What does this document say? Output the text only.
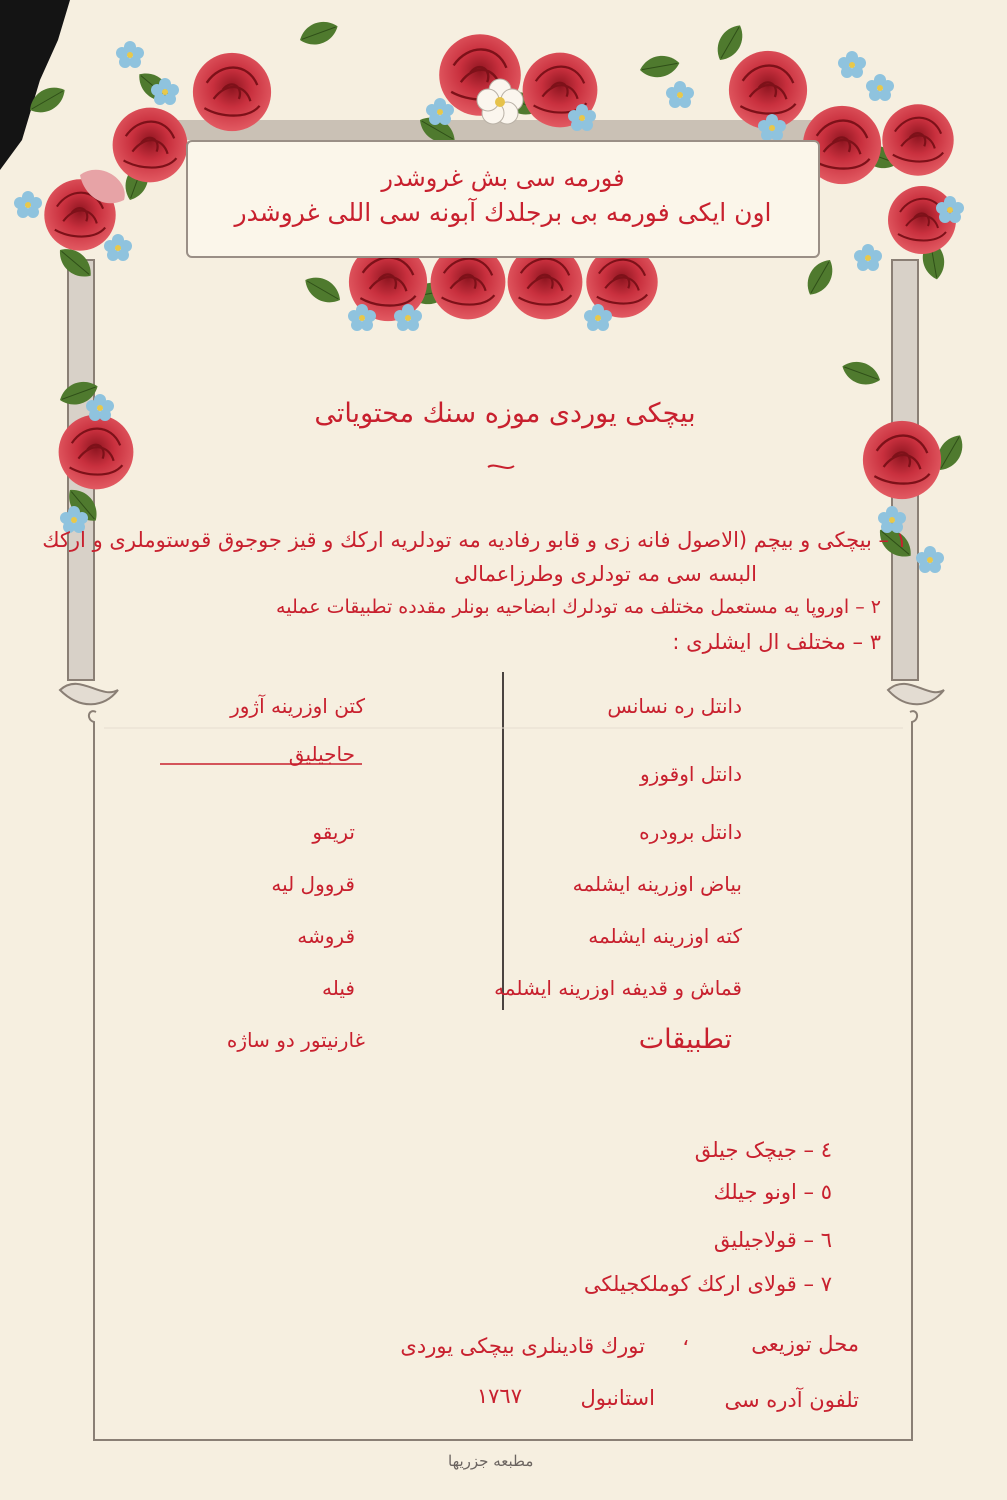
فورمه سی بش غروشدر
اون ایکی فورمه بی برجلدك آبونه سی اللی غروشدر
بیچکی یوردی موزه سنك محتویاتی
١ – بیچکی و بیچم (الاصول فانه زی و قابو رفادیه مه تودلریه ارکك و قیز جوجوق قوستوملری و ارکك
البسه سی مه تودلری وطرزاعمالی
٢ – اوروپا یه مستعمل مختلف مه تودلرك ابضاحیه بونلر مقدده تطبیقات عملیه
٣ – مختلف ال ایشلری :
دانتل ره نسانس
دانتل اوقوزو
دانتل برودره
بیاض اوزرینه ایشلمه
کته اوزرینه ایشلمه
قماش و قدیفه اوزرینه ایشلمه
تطبیقات
کتن اوزرینه آژور
حاجیلیق
تریقو
قروول لیه
قروشه
فیله
غارنیتور دو ساژه
٤ – جیچک جیلق
٥ – اونو جیلك
٦ – قولاجیلیق
٧ – قولای ارکك کوملکجیلکی
محل توزیعی
،
تورك قادینلری بیچکی یوردی
تلفون آدره سی
استانبول
١٧٦٧
مطبعه جزریها
